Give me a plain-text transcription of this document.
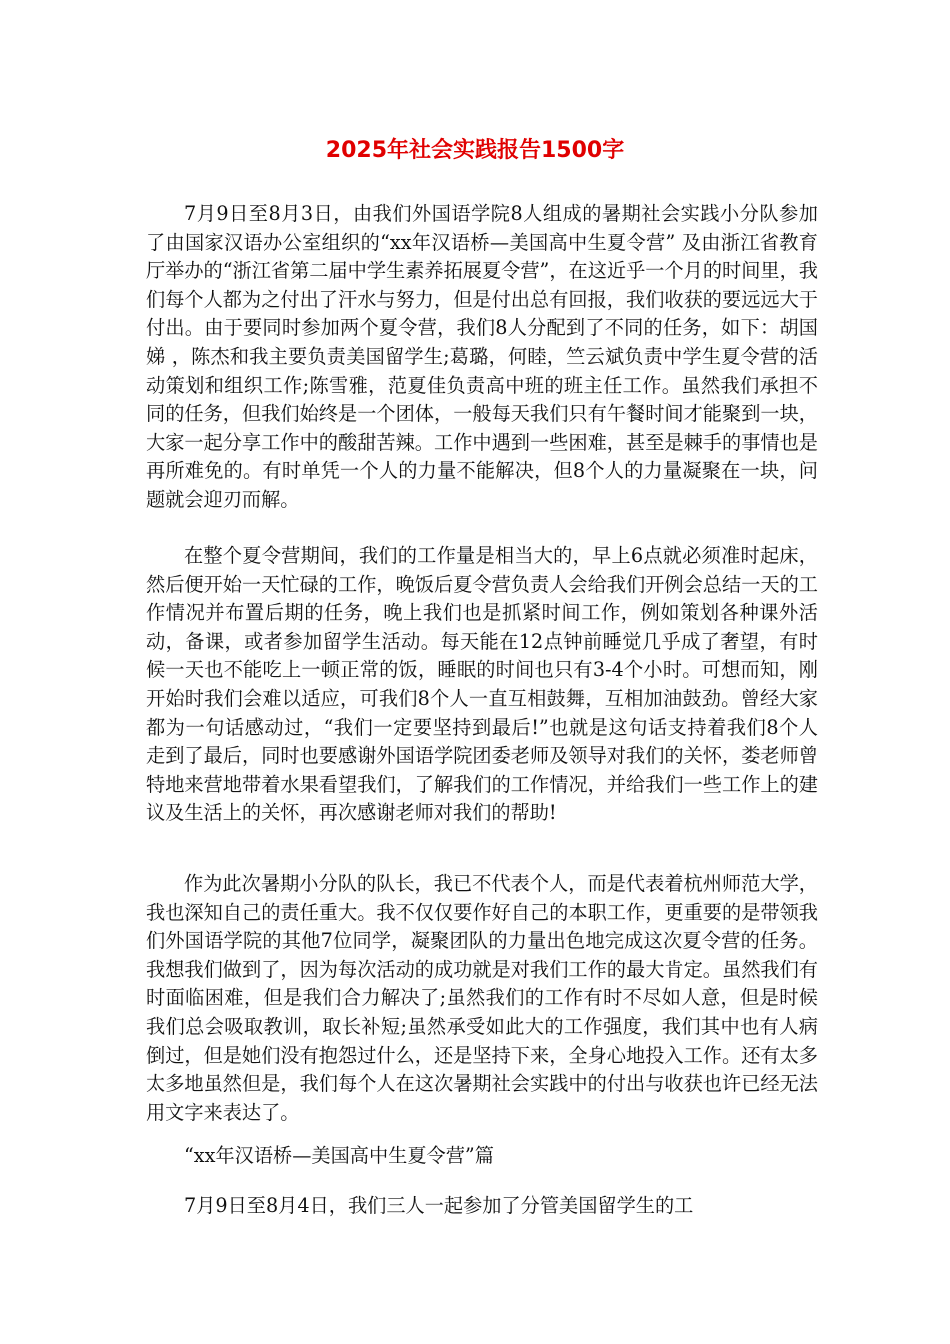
2025年社会实践报告1500字

7月9日至8月3日，由我们外国语学院8人组成的暑期社会实践小分队参加了由国家汉语办公室组织的“xx年汉语桥—美国高中生夏令营” 及由浙江省教育厅举办的“浙江省第二届中学生素养拓展夏令营”，在这近乎一个月的时间里，我们每个人都为之付出了汗水与努力，但是付出总有回报，我们收获的要远远大于付出。由于要同时参加两个夏令营，我们8人分配到了不同的任务，如下：胡国娣 ，陈杰和我主要负责美国留学生;葛璐，何睦，竺云斌负责中学生夏令营的活动策划和组织工作;陈雪雅，范夏佳负责高中班的班主任工作。虽然我们承担不同的任务，但我们始终是一个团体，一般每天我们只有午餐时间才能聚到一块，大家一起分享工作中的酸甜苦辣。工作中遇到一些困难，甚至是棘手的事情也是再所难免的。有时单凭一个人的力量不能解决，但8个人的力量凝聚在一块，问题就会迎刃而解。

在整个夏令营期间，我们的工作量是相当大的，早上6点就必须准时起床，然后便开始一天忙碌的工作，晚饭后夏令营负责人会给我们开例会总结一天的工作情况并布置后期的任务，晚上我们也是抓紧时间工作，例如策划各种课外活动，备课，或者参加留学生活动。每天能在12点钟前睡觉几乎成了奢望，有时候一天也不能吃上一顿正常的饭，睡眠的时间也只有3-4个小时。可想而知，刚开始时我们会难以适应，可我们8个人一直互相鼓舞，互相加油鼓劲。曾经大家都为一句话感动过，“我们一定要坚持到最后!”也就是这句话支持着我们8个人走到了最后，同时也要感谢外国语学院团委老师及领导对我们的关怀，娄老师曾特地来营地带着水果看望我们，了解我们的工作情况，并给我们一些工作上的建议及生活上的关怀，再次感谢老师对我们的帮助!

作为此次暑期小分队的队长，我已不代表个人，而是代表着杭州师范大学，我也深知自己的责任重大。我不仅仅要作好自己的本职工作，更重要的是带领我们外国语学院的其他7位同学，凝聚团队的力量出色地完成这次夏令营的任务。我想我们做到了，因为每次活动的成功就是对我们工作的最大肯定。虽然我们有时面临困难，但是我们合力解决了;虽然我们的工作有时不尽如人意，但是时候我们总会吸取教训，取长补短;虽然承受如此大的工作强度，我们其中也有人病倒过，但是她们没有抱怨过什么，还是坚持下来，全身心地投入工作。还有太多太多地虽然但是，我们每个人在这次暑期社会实践中的付出与收获也许已经无法用文字来表达了。

“xx年汉语桥—美国高中生夏令营”篇

7月9日至8月4日，我们三人一起参加了分管美国留学生的工
